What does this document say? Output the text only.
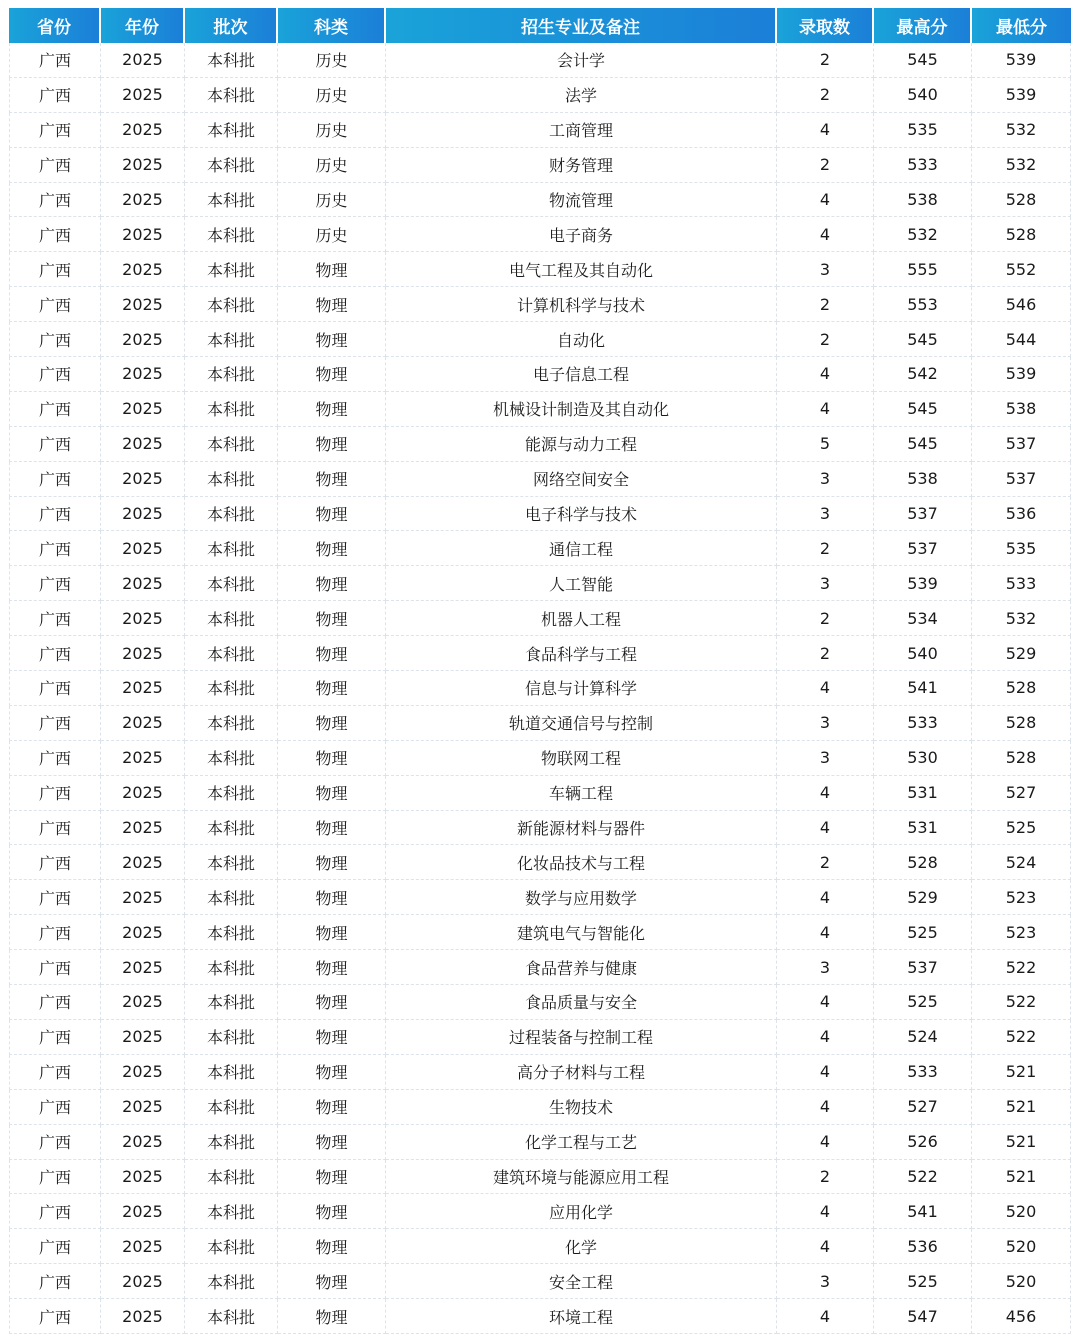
省份	年份	批次	科类	招生专业及备注	录取数	最高分	最低分
广西	2025	本科批	历史	会计学	2	545	539
广西	2025	本科批	历史	法学	2	540	539
广西	2025	本科批	历史	工商管理	4	535	532
广西	2025	本科批	历史	财务管理	2	533	532
广西	2025	本科批	历史	物流管理	4	538	528
广西	2025	本科批	历史	电子商务	4	532	528
广西	2025	本科批	物理	电气工程及其自动化	3	555	552
广西	2025	本科批	物理	计算机科学与技术	2	553	546
广西	2025	本科批	物理	自动化	2	545	544
广西	2025	本科批	物理	电子信息工程	4	542	539
广西	2025	本科批	物理	机械设计制造及其自动化	4	545	538
广西	2025	本科批	物理	能源与动力工程	5	545	537
广西	2025	本科批	物理	网络空间安全	3	538	537
广西	2025	本科批	物理	电子科学与技术	3	537	536
广西	2025	本科批	物理	通信工程	2	537	535
广西	2025	本科批	物理	人工智能	3	539	533
广西	2025	本科批	物理	机器人工程	2	534	532
广西	2025	本科批	物理	食品科学与工程	2	540	529
广西	2025	本科批	物理	信息与计算科学	4	541	528
广西	2025	本科批	物理	轨道交通信号与控制	3	533	528
广西	2025	本科批	物理	物联网工程	3	530	528
广西	2025	本科批	物理	车辆工程	4	531	527
广西	2025	本科批	物理	新能源材料与器件	4	531	525
广西	2025	本科批	物理	化妆品技术与工程	2	528	524
广西	2025	本科批	物理	数学与应用数学	4	529	523
广西	2025	本科批	物理	建筑电气与智能化	4	525	523
广西	2025	本科批	物理	食品营养与健康	3	537	522
广西	2025	本科批	物理	食品质量与安全	4	525	522
广西	2025	本科批	物理	过程装备与控制工程	4	524	522
广西	2025	本科批	物理	高分子材料与工程	4	533	521
广西	2025	本科批	物理	生物技术	4	527	521
广西	2025	本科批	物理	化学工程与工艺	4	526	521
广西	2025	本科批	物理	建筑环境与能源应用工程	2	522	521
广西	2025	本科批	物理	应用化学	4	541	520
广西	2025	本科批	物理	化学	4	536	520
广西	2025	本科批	物理	安全工程	3	525	520
广西	2025	本科批	物理	环境工程	4	547	456
